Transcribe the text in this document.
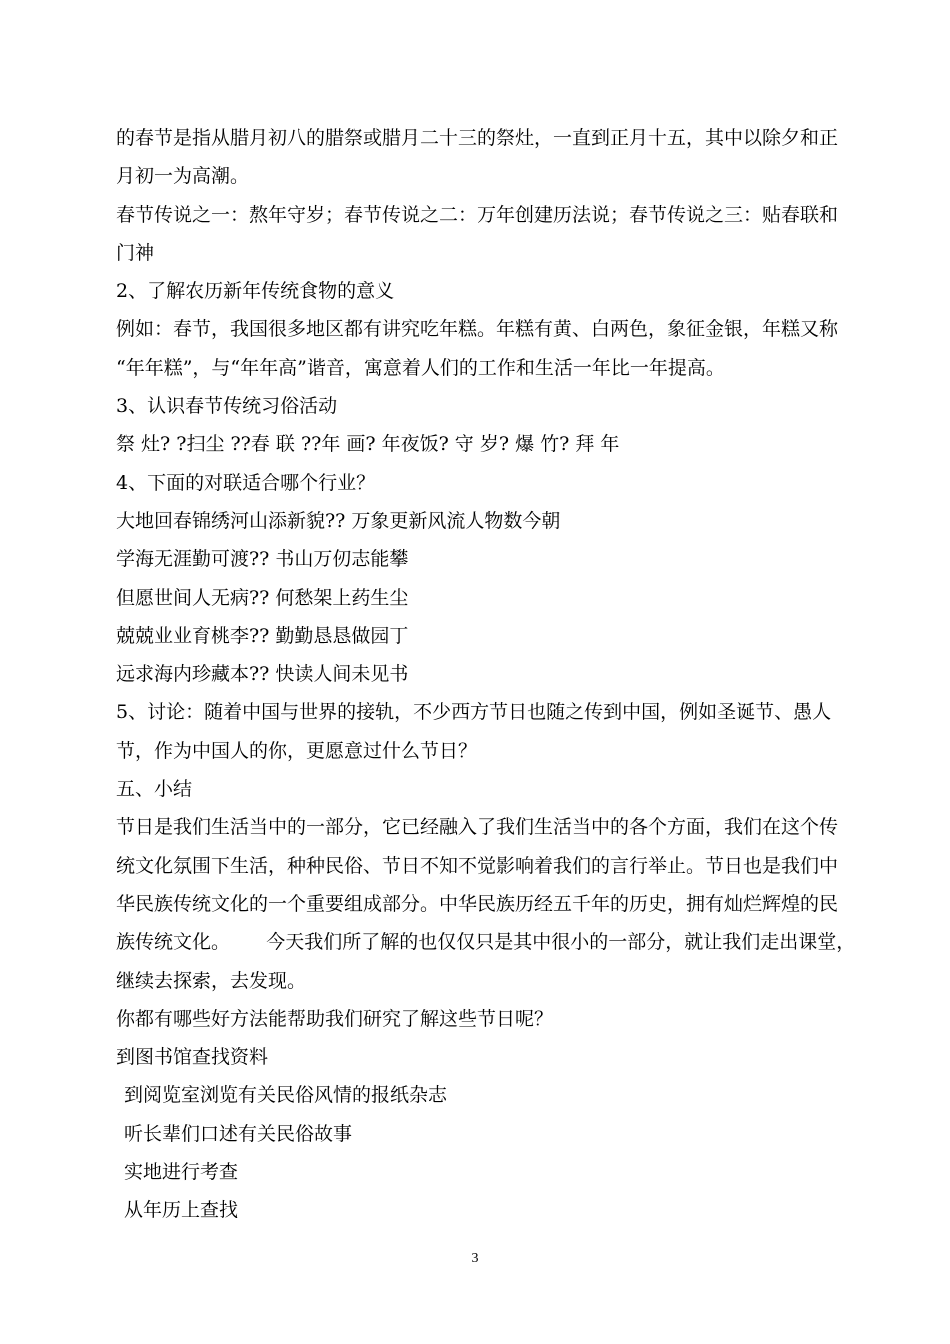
的春节是指从腊月初八的腊祭或腊月二十三的祭灶，一直到正月十五，其中以除夕和正
月初一为高潮。
春节传说之一：熬年守岁；春节传说之二：万年创建历法说；春节传说之三：贴春联和
门神
2、了解农历新年传统食物的意义
例如：春节，我国很多地区都有讲究吃年糕。年糕有黄、白两色，象征金银，年糕又称
“年年糕”，与“年年高”谐音，寓意着人们的工作和生活一年比一年提高。
3、认识春节传统习俗活动
祭 灶? ?扫尘 ??春 联 ??年 画? 年夜饭? 守 岁? 爆 竹? 拜 年
4、下面的对联适合哪个行业？
大地回春锦绣河山添新貌?? 万象更新风流人物数今朝
学海无涯勤可渡?? 书山万仞志能攀
但愿世间人无病?? 何愁架上药生尘
兢兢业业育桃李?? 勤勤恳恳做园丁
远求海内珍藏本?? 快读人间未见书
5、讨论：随着中国与世界的接轨，不少西方节日也随之传到中国，例如圣诞节、愚人
节，作为中国人的你，更愿意过什么节日？
五、小结
节日是我们生活当中的一部分，它已经融入了我们生活当中的各个方面，我们在这个传
统文化氛围下生活，种种民俗、节日不知不觉影响着我们的言行举止。节日也是我们中
华民族传统文化的一个重要组成部分。中华民族历经五千年的历史，拥有灿烂辉煌的民
族传统文化。      今天我们所了解的也仅仅只是其中很小的一部分，就让我们走出课堂，
继续去探索，去发现。
你都有哪些好方法能帮助我们研究了解这些节日呢？
到图书馆查找资料
到阅览室浏览有关民俗风情的报纸杂志
听长辈们口述有关民俗故事
实地进行考查
从年历上查找
3
